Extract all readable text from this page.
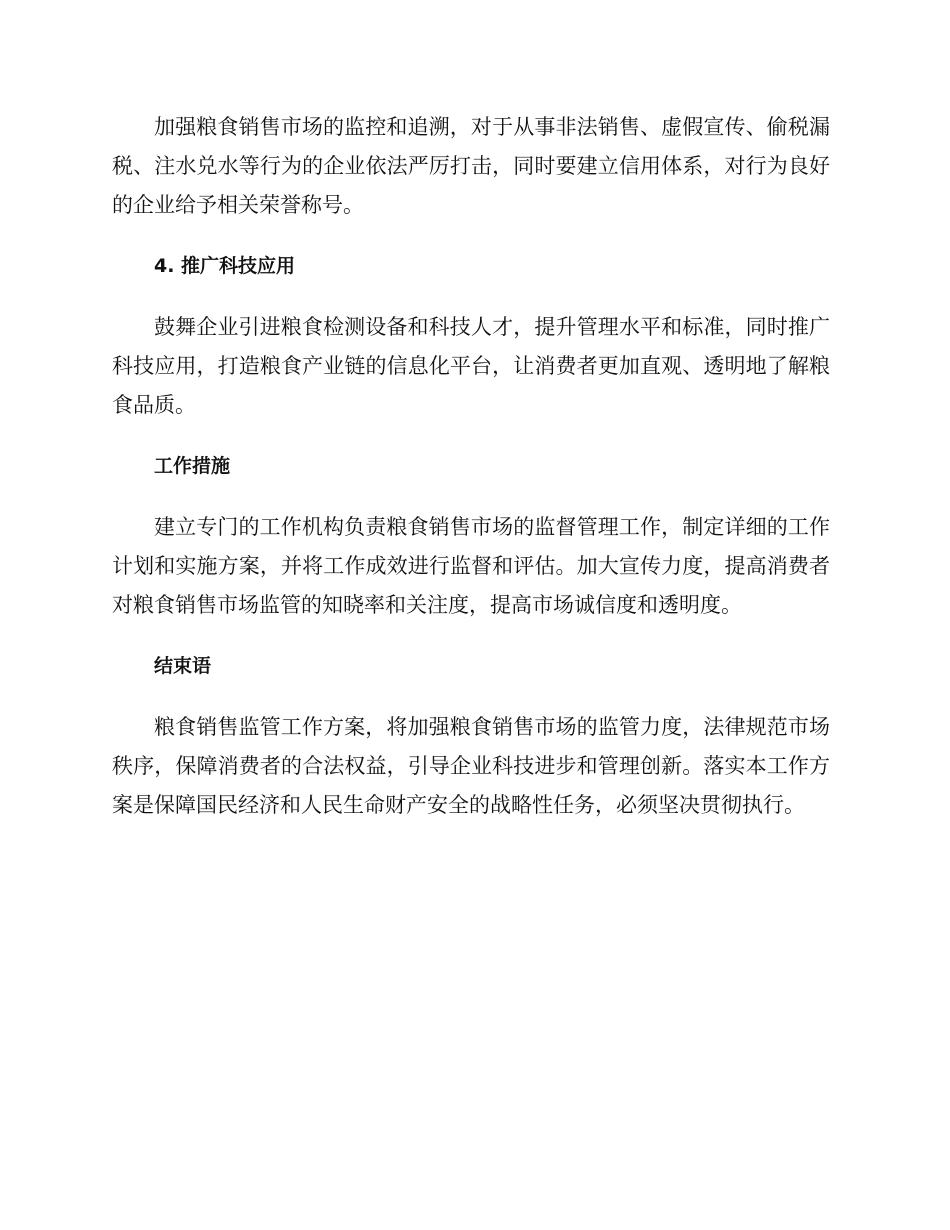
加强粮食销售市场的监控和追溯，对于从事非法销售、虚假宣传、偷税漏税、注水兑水等行为的企业依法严厉打击，同时要建立信用体系，对行为良好的企业给予相关荣誉称号。

4. 推广科技应用

鼓舞企业引进粮食检测设备和科技人才，提升管理水平和标准，同时推广科技应用，打造粮食产业链的信息化平台，让消费者更加直观、透明地了解粮食品质。

工作措施

建立专门的工作机构负责粮食销售市场的监督管理工作，制定详细的工作计划和实施方案，并将工作成效进行监督和评估。加大宣传力度，提高消费者对粮食销售市场监管的知晓率和关注度，提高市场诚信度和透明度。

结束语

粮食销售监管工作方案，将加强粮食销售市场的监管力度，法律规范市场秩序，保障消费者的合法权益，引导企业科技进步和管理创新。落实本工作方案是保障国民经济和人民生命财产安全的战略性任务，必须坚决贯彻执行。
